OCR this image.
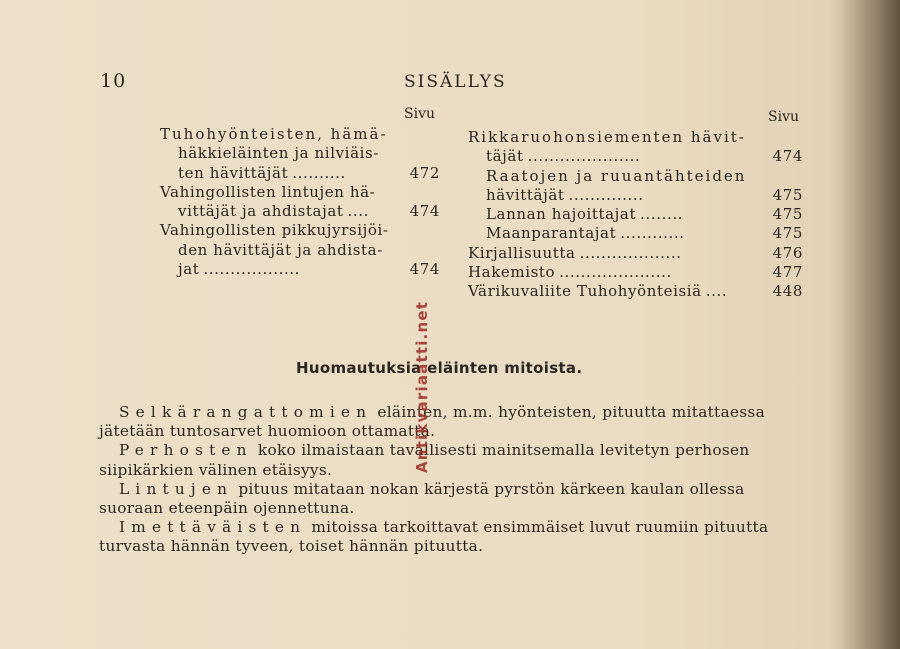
10	SISÄLLYS
Sivu	Sivu
Tuhohyönteisten, hämä-
häkkieläinten ja nilviäis-
ten hävittäjät ..........	472
Vahingollisten lintujen hä-
vittäjät ja ahdistajat ....	474
Vahingollisten pikkujyrsijöi-
den hävittäjät ja ahdista-
jat ..................	474
Rikkaruohonsiementen hävit-
täjät .....................	474
Raatojen ja ruuantähteiden
hävittäjät ..............	475
Lannan hajoittajat ........	475
Maanparantajat ............	475
Kirjallisuutta ...................	476
Hakemisto .....................	477
Värikuvaliite Tuhohyönteisiä ....	448
Huomautuksia eläinten mitoista.

Selkärangattomien eläinten, m.m. hyönteisten, pituutta mitattaessa jätetään tuntosarvet huomioon ottamatta.

Perhosten koko ilmaistaan tavallisesti mainitsemalla levitetyn perhosen siipikärkien välinen etäisyys.

Lintujen pituus mitataan nokan kärjestä pyrstön kärkeen kaulan ollessa suoraan eteenpäin ojennettuna.

Imettäväisten mitoissa tarkoittavat ensimmäiset luvut ruumiin pituutta turvasta hännän tyveen, toiset hännän pituutta.

Antikvariaatti.net
